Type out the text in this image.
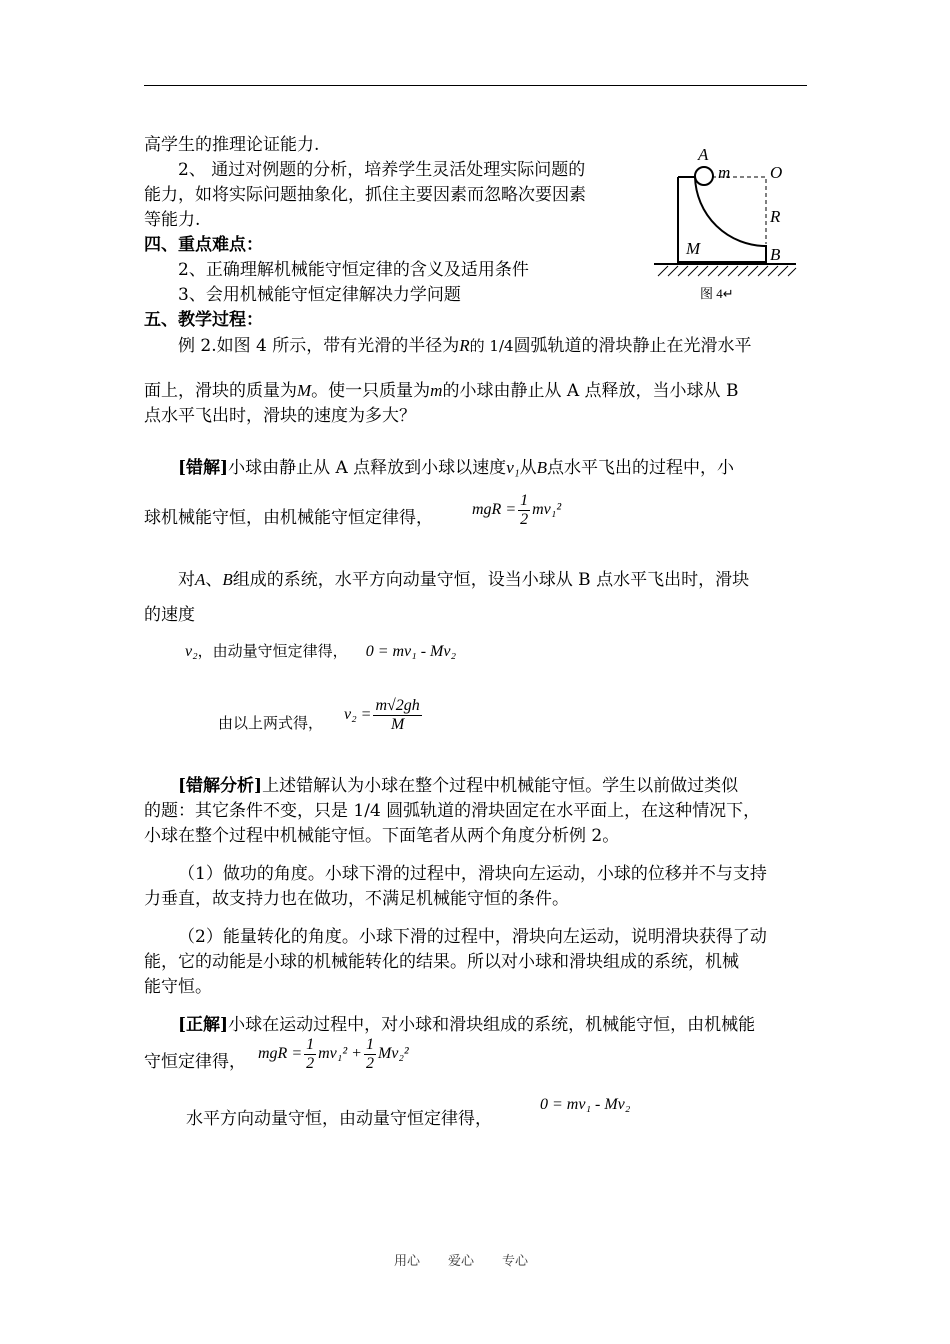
A
m O
R
M	B
图 4↵
高学生的推理论证能力.
2、 通过对例题的分析，培养学生灵活处理实际问题的
能力，如将实际问题抽象化，抓住主要因素而忽略次要因素
等能力.
四、重点难点：
2、正确理解机械能守恒定律的含义及适用条件
3、会用机械能守恒定律解决力学问题
五、教学过程：
例 2.如图 4 所示，带有光滑的半径为R的 1/4圆弧轨道的滑块静止在光滑水平
面上，滑块的质量为M。使一只质量为m的小球由静止从 A 点释放，当小球从 B
点水平飞出时，滑块的速度为多大？
[错解]小球由静止从 A 点释放到小球以速度v₁从B点水平飞出的过程中，小
球机械能守恒，由机械能守恒定律得， mgR = $\frac{1}{2} mv_1^2$
对A、B组成的系统，水平方向动量守恒，设当小球从 B 点水平飞出时，滑块
的速度
v₂，由动量守恒定律得， 0 = mv₁ - Mv₂
由以上两式得， $v_2 = \frac{m√2gh}{M}$
[错解分析]上述错解认为小球在整个过程中机械能守恒。学生以前做过类似
的题：其它条件不变，只是 1/4 圆弧轨道的滑块固定在水平面上，在这种情况下，
小球在整个过程中机械能守恒。下面笔者从两个角度分析例 2。
（1）做功的角度。小球下滑的过程中，滑块向左运动，小球的位移并不与支持
力垂直，故支持力也在做功，不满足机械能守恒的条件。
（2）能量转化的角度。小球下滑的过程中，滑块向左运动，说明滑块获得了动
能，它的动能是小球的机械能转化的结果。所以对小球和滑块组成的系统，机械
能守恒。
[正解]小球在运动过程中，对小球和滑块组成的系统，机械能守恒，由机械能
守恒定律得， mgR = $\frac{1}{2} mv_1^2 + \frac{1}{2} Mv_2^2$
水平方向动量守恒，由动量守恒定律得，
0 = mv₁ - Mv₂
用心 爱心 专心
